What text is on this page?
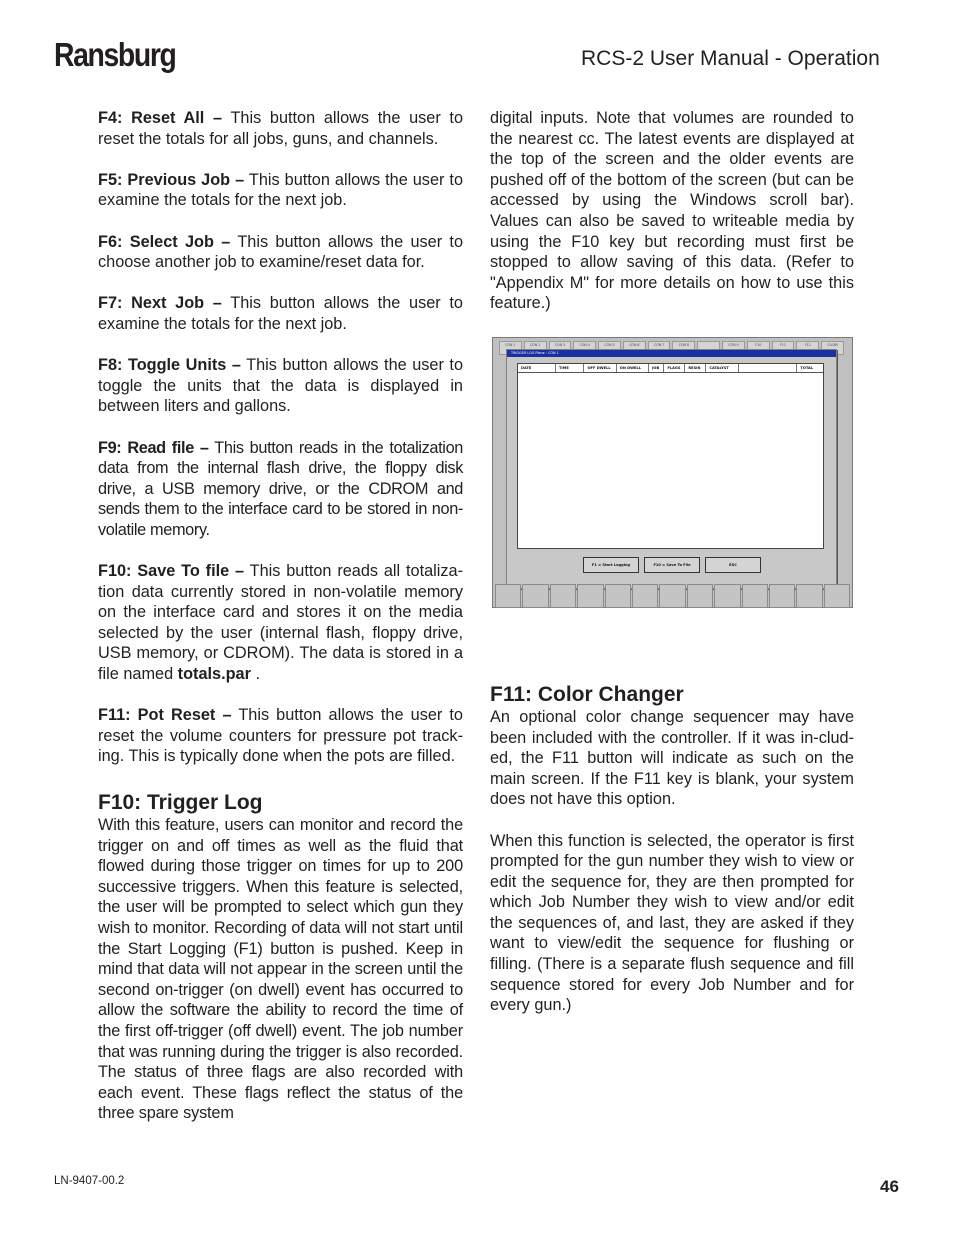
Ransburg	RCS-2 User Manual - Operation

F4: Reset All – This button allows the user to reset the totals for all jobs, guns, and channels.

F5: Previous Job – This button allows the user to examine the totals for the next job.

F6: Select Job – This button allows the user to choose another job to examine/reset data for.

F7: Next Job – This button allows the user to examine the totals for the next job.

F8: Toggle Units – This button allows the user to toggle the units that the data is displayed in between liters and gallons.

F9: Read file – This button reads in the totalization data from the internal flash drive, the floppy disk drive, a USB memory drive, or the CDROM and sends them to the interface card to be stored in non-volatile memory.

F10: Save To file – This button reads all totaliza-tion data currently stored in non-volatile memory on the interface card and stores it on the media selected by the user (internal flash, floppy drive, USB memory, or CDROM). The data is stored in a file named totals.par .

F11: Pot Reset – This button allows the user to reset the volume counters for pressure pot track-ing. This is typically done when the pots are filled.

F10: Trigger Log

With this feature, users can monitor and record the trigger on and off times as well as the fluid that flowed during those trigger on times for up to 200 successive triggers. When this feature is selected, the user will be prompted to select which gun they wish to monitor. Recording of data will not start until the Start Logging (F1) button is pushed. Keep in mind that data will not appear in the screen until the second on-trigger (on dwell) event has occurred to allow the software the ability to record the time of the first off-trigger (off dwell) event. The job number that was running during the trigger is also recorded. The status of three flags are also recorded with each event. These flags reflect the status of the three spare system

digital inputs. Note that volumes are rounded to the nearest cc. The latest events are displayed at the top of the screen and the older events are pushed off of the bottom of the screen (but can be accessed by using the Windows scroll bar). Values can also be saved to writeable media by using the F10 key but recording must first be stopped to allow saving of this data. (Refer to "Appendix M" for more details on how to use this feature.)

F11: Color Changer

An optional color change sequencer may have been included with the controller. If it was in-clud-ed, the F11 button will indicate as such on the main screen. If the F11 key is blank, your system does not have this option.

When this function is selected, the operator is first prompted for the gun number they wish to view or edit the sequence for, they are then prompted for which Job Number they wish to view and/or edit the sequences of, and last, they are asked if they want to view/edit the sequence for flushing or filling. (There is a separate flush sequence and fill sequence stored for every Job Number and for every gun.)

CON 1	CON 2	CON 3	CON 4	CON 5	CON 6	CON 7	CON 8	CON 9	F10	F11	F12	CLEAR
TRIGGER LOG Plane : CON 1
DATE	TIME	OFF DWELL	ON DWELL	JOB	FLAGS	RESIN	CATALYST	TOTAL
F1 = Start Logging	F10 = Save To File	ESC
LN-9407-00.2	46
